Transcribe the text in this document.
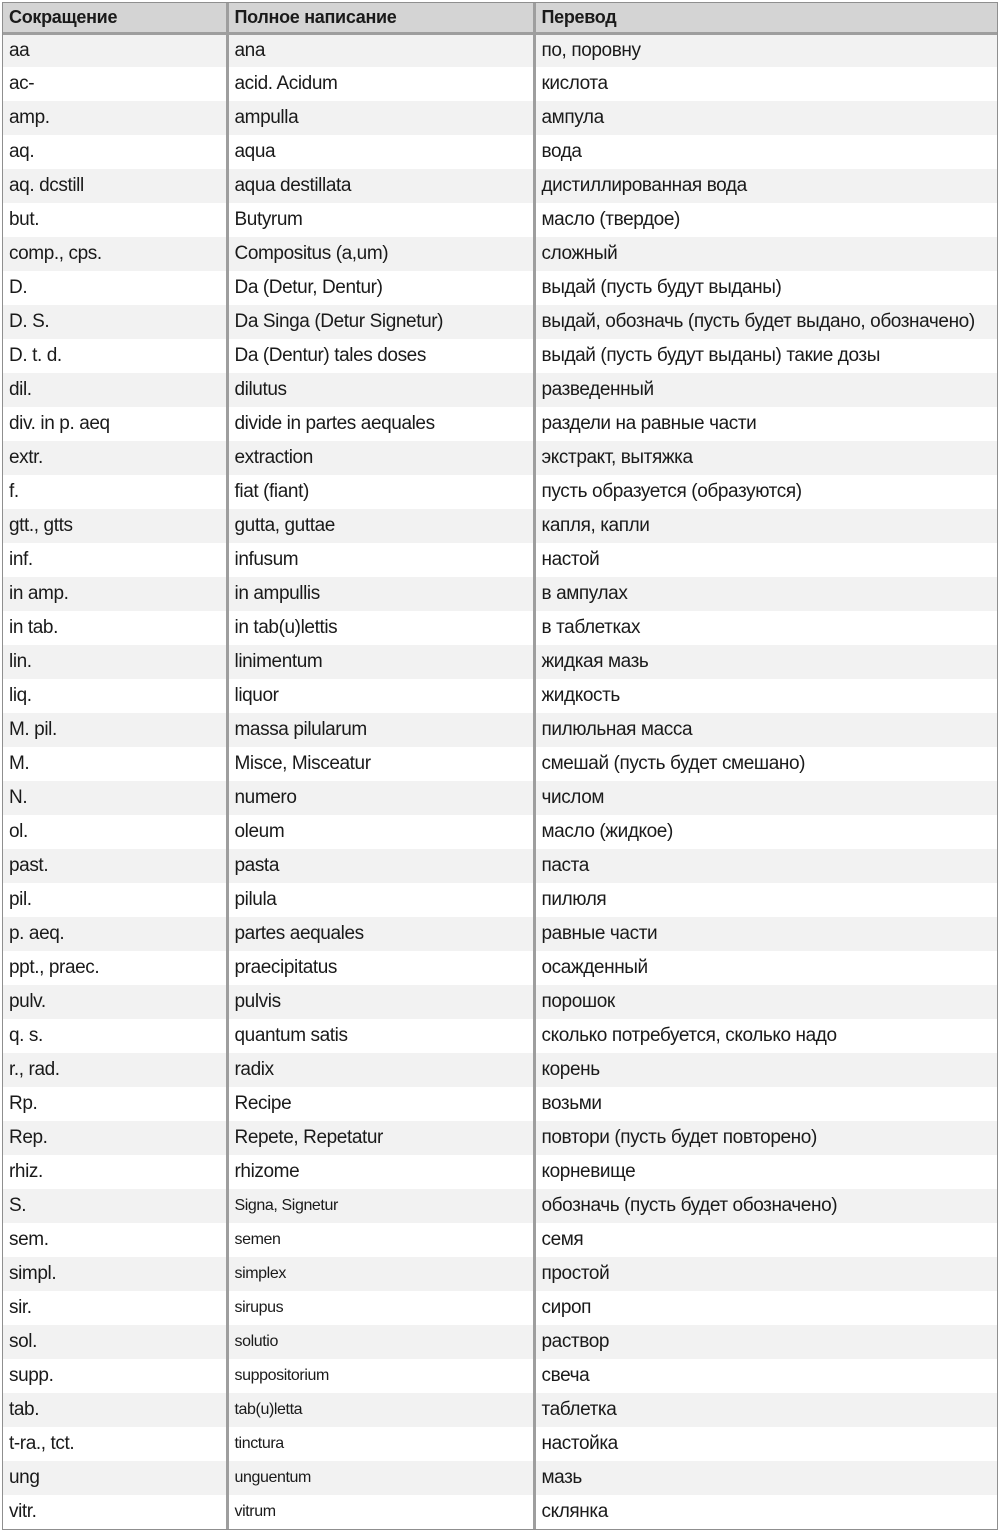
Сокращение	Полное написание	Перевод
aa	ana	по, поровну
ac-	acid. Acidum	кислота
amp.	ampulla	ампула
aq.	aqua	вода
aq. dcstill	aqua destillata	дистиллированная вода
but.	Butyrum	масло (твердое)
comp., cps.	Compositus (a,um)	сложный
D.	Da (Detur, Dentur)	выдай (пусть будут выданы)
D. S.	Da Singa (Detur Signetur)	выдай, обозначь (пусть будет выдано, обозначено)
D. t. d.	Da (Dentur) tales doses	выдай (пусть будут выданы) такие дозы
dil.	dilutus	разведенный
div. in p. aeq	divide in partes aequales	раздели на равные части
extr.	extraction	экстракт, вытяжка
f.	fiat (fiant)	пусть образуется (образуются)
gtt., gtts	gutta, guttae	капля, капли
inf.	infusum	настой
in amp.	in ampullis	в ампулах
in tab.	in tab(u)lettis	в таблетках
lin.	linimentum	жидкая мазь
liq.	liquor	жидкость
M. pil.	massa pilularum	пилюльная масса
M.	Misce, Misceatur	смешай (пусть будет смешано)
N.	numero	числом
ol.	oleum	масло (жидкое)
past.	pasta	паста
pil.	pilula	пилюля
p. aeq.	partes aequales	равные части
ppt., praec.	praecipitatus	осажденный
pulv.	pulvis	порошок
q. s.	quantum satis	сколько потребуется, сколько надо
r., rad.	radix	корень
Rp.	Recipe	возьми
Rep.	Repete, Repetatur	повтори (пусть будет повторено)
rhiz.	rhizome	корневище
S.	Signa, Signetur	обозначь (пусть будет обозначено)
sem.	semen	семя
simpl.	simplex	простой
sir.	sirupus	сироп
sol.	solutio	раствор
supp.	suppositorium	свеча
tab.	tab(u)letta	таблетка
t-ra., tct.	tinctura	настойка
ung	unguentum	мазь
vitr.	vitrum	склянка
